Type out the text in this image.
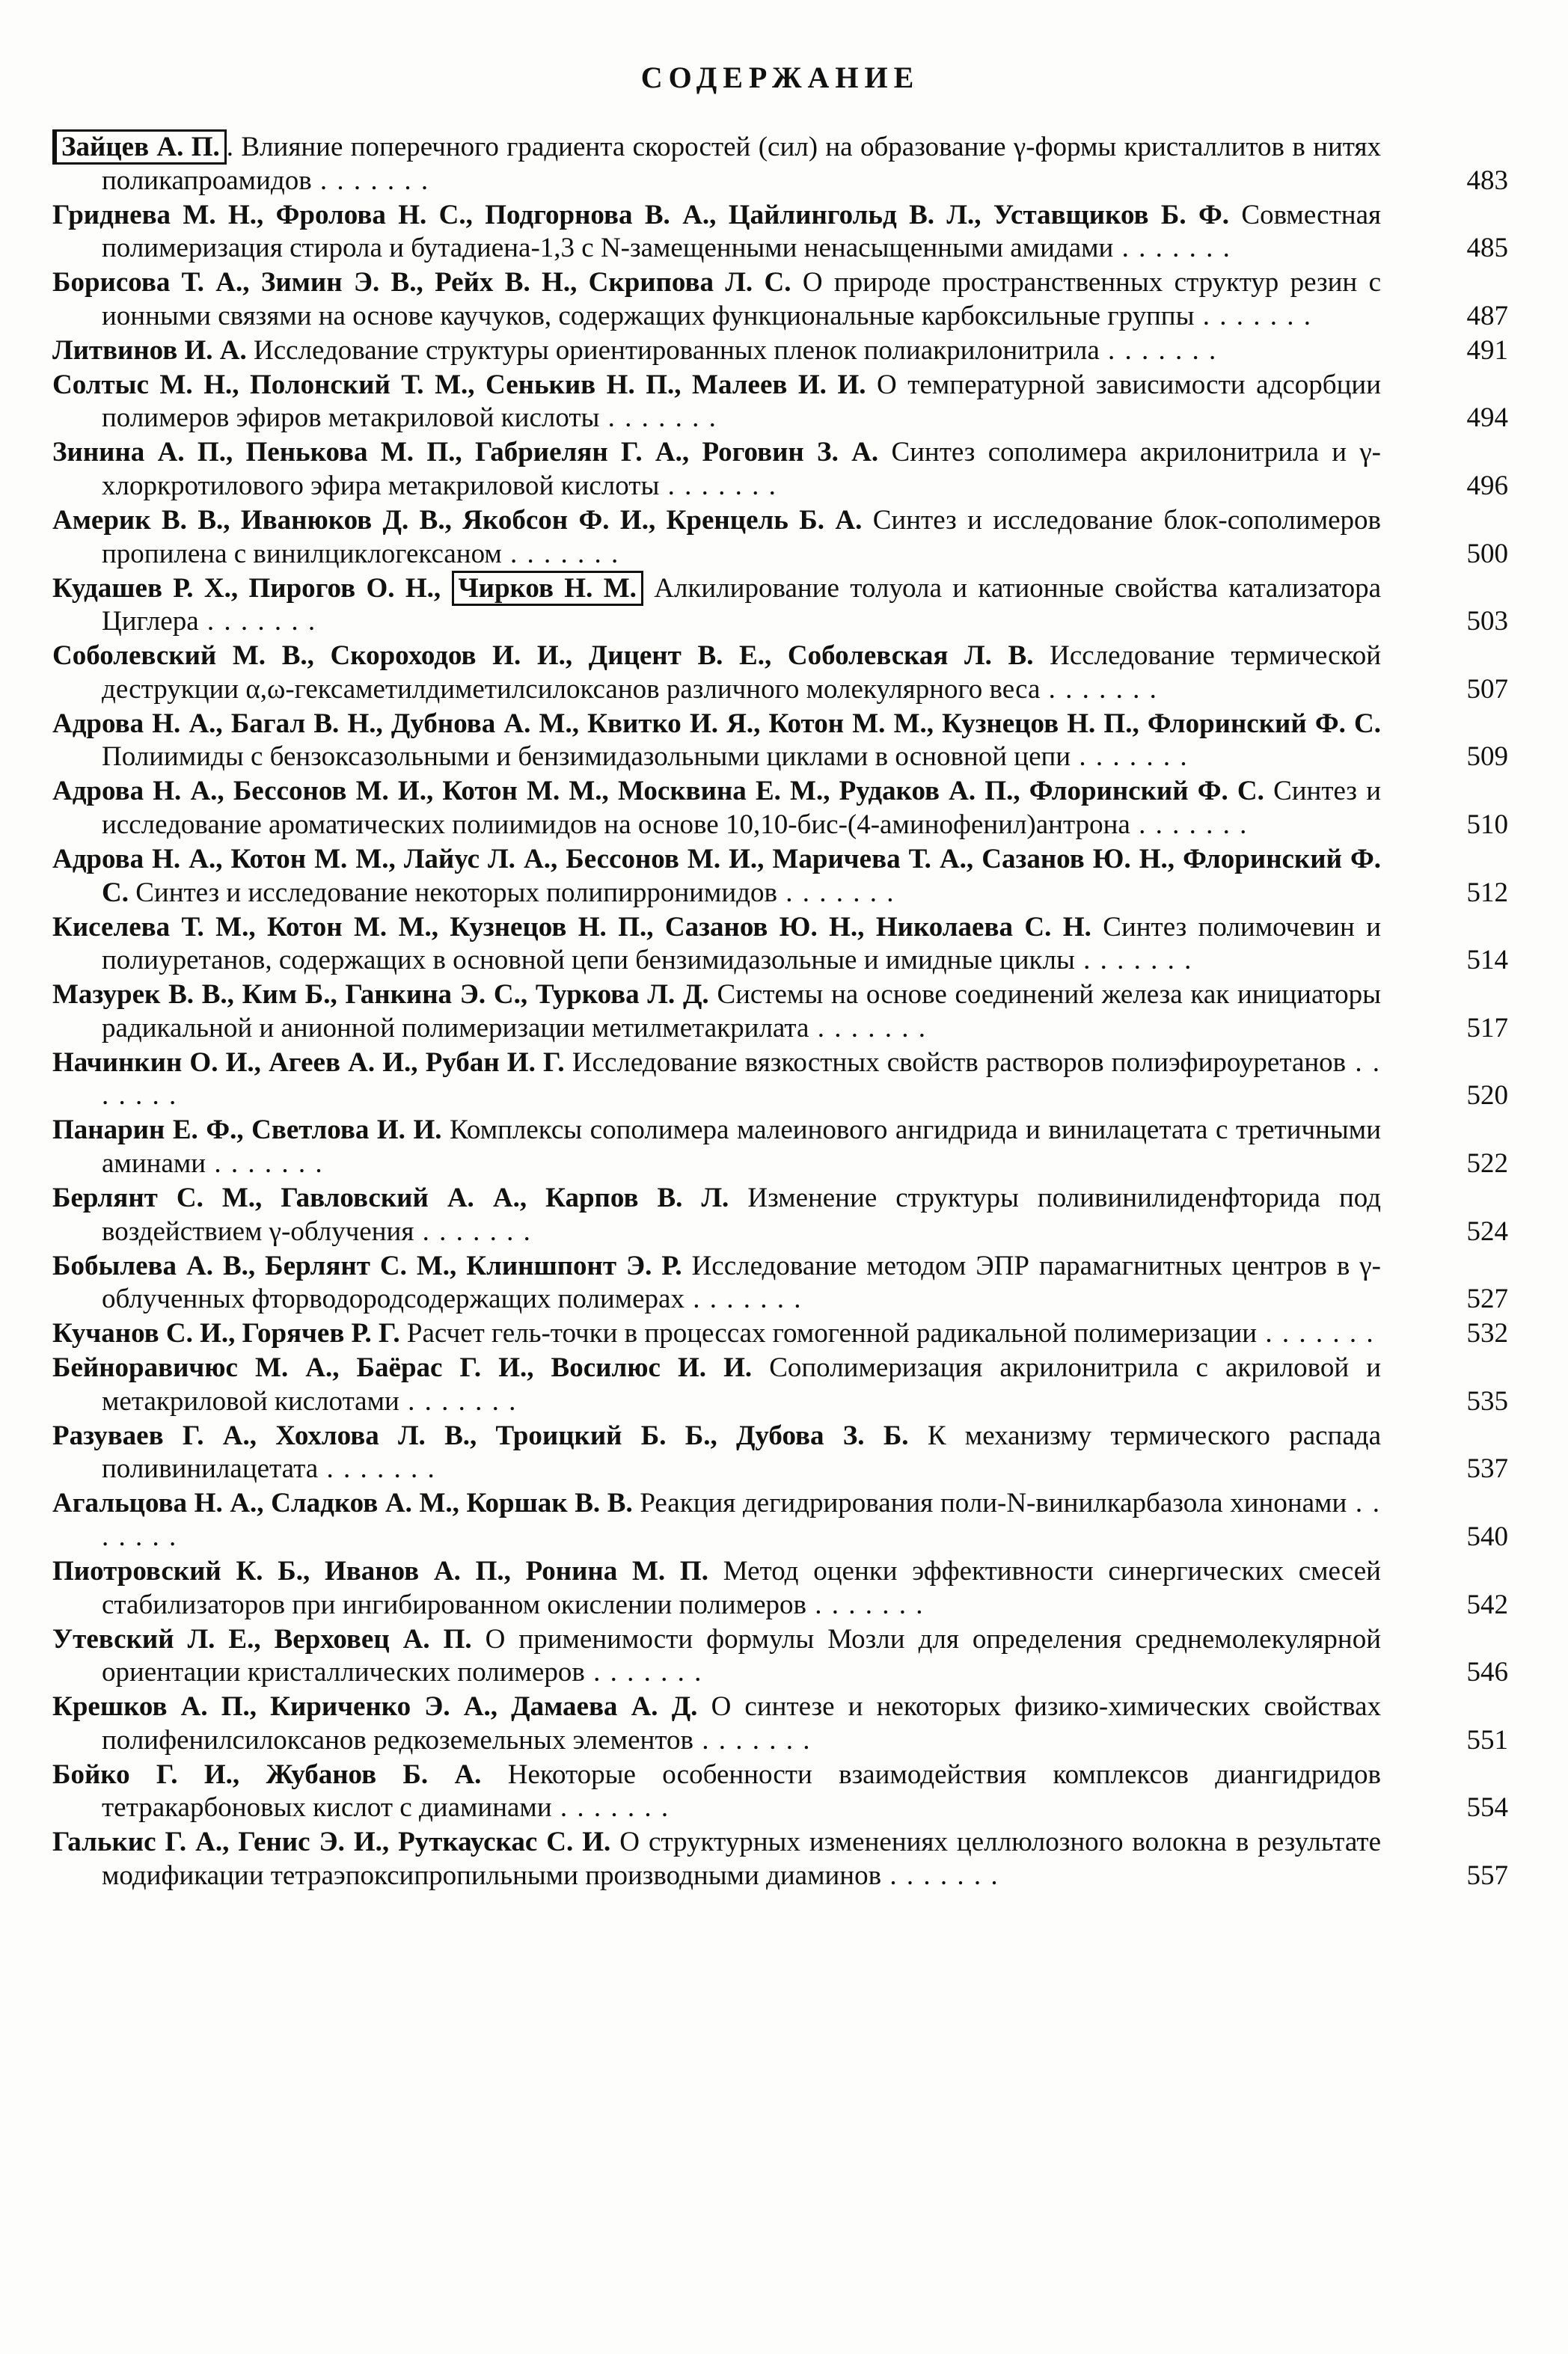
СОДЕРЖАНИЕ
Зайцев А. П. . Влияние поперечного градиента скоростей (сил) на образование γ-формы кристаллитов в нитях поликапроамидов . . . . . . .	483
Гриднева М. Н., Фролова Н. С., Подгорнова В. А., Цайлингольд В. Л., Уставщиков Б. Ф. Совместная полимеризация стирола и бутадиена-1,3 с N-замещенными ненасыщенными амидами . . . . . . .	485
Борисова Т. А., Зимин Э. В., Рейх В. Н., Скрипова Л. С. О природе пространственных структур резин с ионными связями на основе каучуков, содержащих функциональные карбоксильные группы . . . . . . .	487
Литвинов И. А. Исследование структуры ориентированных пленок полиакрилонитрила . . . . . . .	491
Солтыс М. Н., Полонский Т. М., Сенькив Н. П., Малеев И. И. О температурной зависимости адсорбции полимеров эфиров метакриловой кислоты . . . . . . .	494
Зинина А. П., Пенькова М. П., Габриелян Г. А., Роговин З. А. Синтез сополимера акрилонитрила и γ-хлоркротилового эфира метакриловой кислоты . . . . . . .	496
Америк В. В., Иванюков Д. В., Якобсон Ф. И., Кренцель Б. А. Синтез и исследование блок-сополимеров пропилена с винилциклогексаном . . . . . . .	500
Кудашев Р. Х., Пирогов О. Н., Чирков Н. М. Алкилирование толуола и катионные свойства катализатора Циглера . . . . . . .	503
Соболевский М. В., Скороходов И. И., Дицент В. Е., Соболевская Л. В. Исследование термической деструкции α,ω-гексаметилдиметилсилоксанов различного молекулярного веса . . . . . . .	507
Адрова Н. А., Багал В. Н., Дубнова А. М., Квитко И. Я., Котон М. М., Кузнецов Н. П., Флоринский Ф. С. Полиимиды с бензоксазольными и бензимидазольными циклами в основной цепи . . . . . . .	509
Адрова Н. А., Бессонов М. И., Котон М. М., Москвина Е. М., Рудаков А. П., Флоринский Ф. С. Синтез и исследование ароматических полиимидов на основе 10,10-бис-(4-аминофенил)антрона . . . . . . .	510
Адрова Н. А., Котон М. М., Лайус Л. А., Бессонов М. И., Маричева Т. А., Сазанов Ю. Н., Флоринский Ф. С. Синтез и исследование некоторых полипирронимидов . . . . . . .	512
Киселева Т. М., Котон М. М., Кузнецов Н. П., Сазанов Ю. Н., Николаева С. Н. Синтез полимочевин и полиуретанов, содержащих в основной цепи бензимидазольные и имидные циклы . . . . . . .	514
Мазурек В. В., Ким Б., Ганкина Э. С., Туркова Л. Д. Системы на основе соединений железа как инициаторы радикальной и анионной полимеризации метилметакрилата . . . . . . .	517
Начинкин О. И., Агеев А. И., Рубан И. Г. Исследование вязкостных свойств растворов полиэфироуретанов . . . . . . .	520
Панарин Е. Ф., Светлова И. И. Комплексы сополимера малеинового ангидрида и винилацетата с третичными аминами . . . . . . .	522
Берлянт С. М., Гавловский А. А., Карпов В. Л. Изменение структуры поливинилиденфторида под воздействием γ-облучения . . . . . . .	524
Бобылева А. В., Берлянт С. М., Клиншпонт Э. Р. Исследование методом ЭПР парамагнитных центров в γ-облученных фторводородсодержащих полимерах . . . . . . .	527
Кучанов С. И., Горячев Р. Г. Расчет гель-точки в процессах гомогенной радикальной полимеризации . . . . . . .	532
Бейноравичюс М. А., Баёрас Г. И., Восилюс И. И. Сополимеризация акрилонитрила с акриловой и метакриловой кислотами . . . . . . .	535
Разуваев Г. А., Хохлова Л. В., Троицкий Б. Б., Дубова З. Б. К механизму термического распада поливинилацетата . . . . . . .	537
Агальцова Н. А., Сладков А. М., Коршак В. В. Реакция дегидрирования поли-N-винилкарбазола хинонами . . . . . . .	540
Пиотровский К. Б., Иванов А. П., Ронина М. П. Метод оценки эффективности синергических смесей стабилизаторов при ингибированном окислении полимеров . . . . . . .	542
Утевский Л. Е., Верховец А. П. О применимости формулы Мозли для определения среднемолекулярной ориентации кристаллических полимеров . . . . . . .	546
Крешков А. П., Кириченко Э. А., Дамаева А. Д. О синтезе и некоторых физико-химических свойствах полифенилсилоксанов редкоземельных элементов . . . . . . .	551
Бойко Г. И., Жубанов Б. А. Некоторые особенности взаимодействия комплексов диангидридов тетракарбоновых кислот с диаминами . . . . . . .	554
Галькис Г. А., Генис Э. И., Руткаускас С. И. О структурных изменениях целлюлозного волокна в результате модификации тетраэпоксипропильными производными диаминов . . . . . . .	557
